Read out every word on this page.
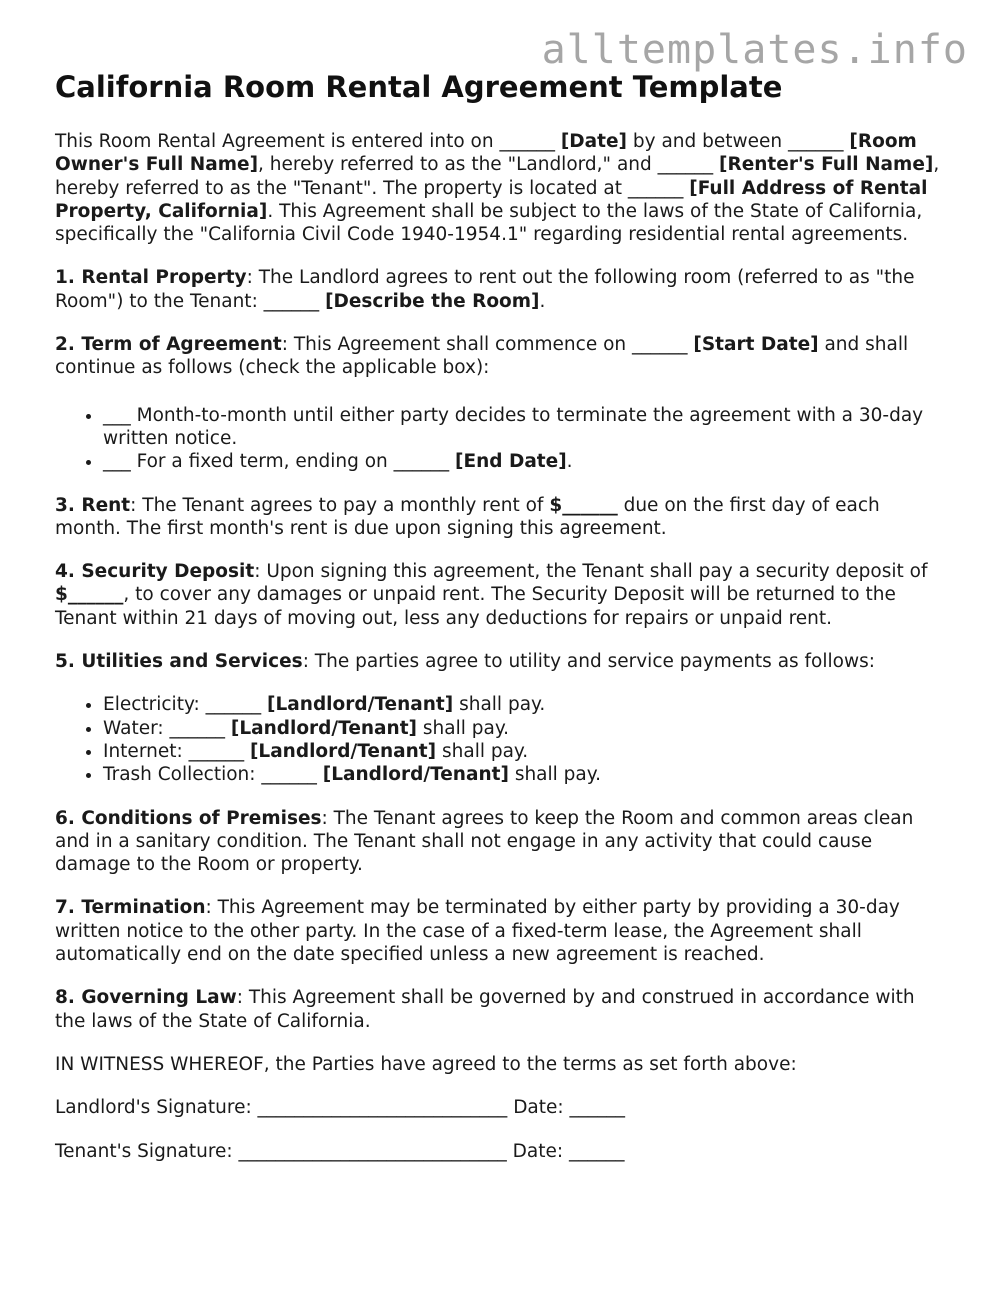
alltemplates.info
California Room Rental Agreement Template

This Room Rental Agreement is entered into on ______ [Date] by and between ______ [Room Owner's Full Name], hereby referred to as the "Landlord," and ______ [Renter's Full Name], hereby referred to as the "Tenant". The property is located at ______ [Full Address of Rental Property, California]. This Agreement shall be subject to the laws of the State of California, specifically the "California Civil Code 1940-1954.1" regarding residential rental agreements.

1. Rental Property: The Landlord agrees to rent out the following room (referred to as "the Room") to the Tenant: ______ [Describe the Room].

2. Term of Agreement: This Agreement shall commence on ______ [Start Date] and shall continue as follows (check the applicable box):

• ___ Month-to-month until either party decides to terminate the agreement with a 30-day written notice.
• ___ For a fixed term, ending on ______ [End Date].

3. Rent: The Tenant agrees to pay a monthly rent of $______ due on the first day of each month. The first month's rent is due upon signing this agreement.

4. Security Deposit: Upon signing this agreement, the Tenant shall pay a security deposit of $______, to cover any damages or unpaid rent. The Security Deposit will be returned to the Tenant within 21 days of moving out, less any deductions for repairs or unpaid rent.

5. Utilities and Services: The parties agree to utility and service payments as follows:

• Electricity: ______ [Landlord/Tenant] shall pay.
• Water: ______ [Landlord/Tenant] shall pay.
• Internet: ______ [Landlord/Tenant] shall pay.
• Trash Collection: ______ [Landlord/Tenant] shall pay.

6. Conditions of Premises: The Tenant agrees to keep the Room and common areas clean and in a sanitary condition. The Tenant shall not engage in any activity that could cause damage to the Room or property.

7. Termination: This Agreement may be terminated by either party by providing a 30-day written notice to the other party. In the case of a fixed-term lease, the Agreement shall automatically end on the date specified unless a new agreement is reached.

8. Governing Law: This Agreement shall be governed by and construed in accordance with the laws of the State of California.

IN WITNESS WHEREOF, the Parties have agreed to the terms as set forth above:

Landlord's Signature: ___________________________ Date: ______

Tenant's Signature: _____________________________ Date: ______
